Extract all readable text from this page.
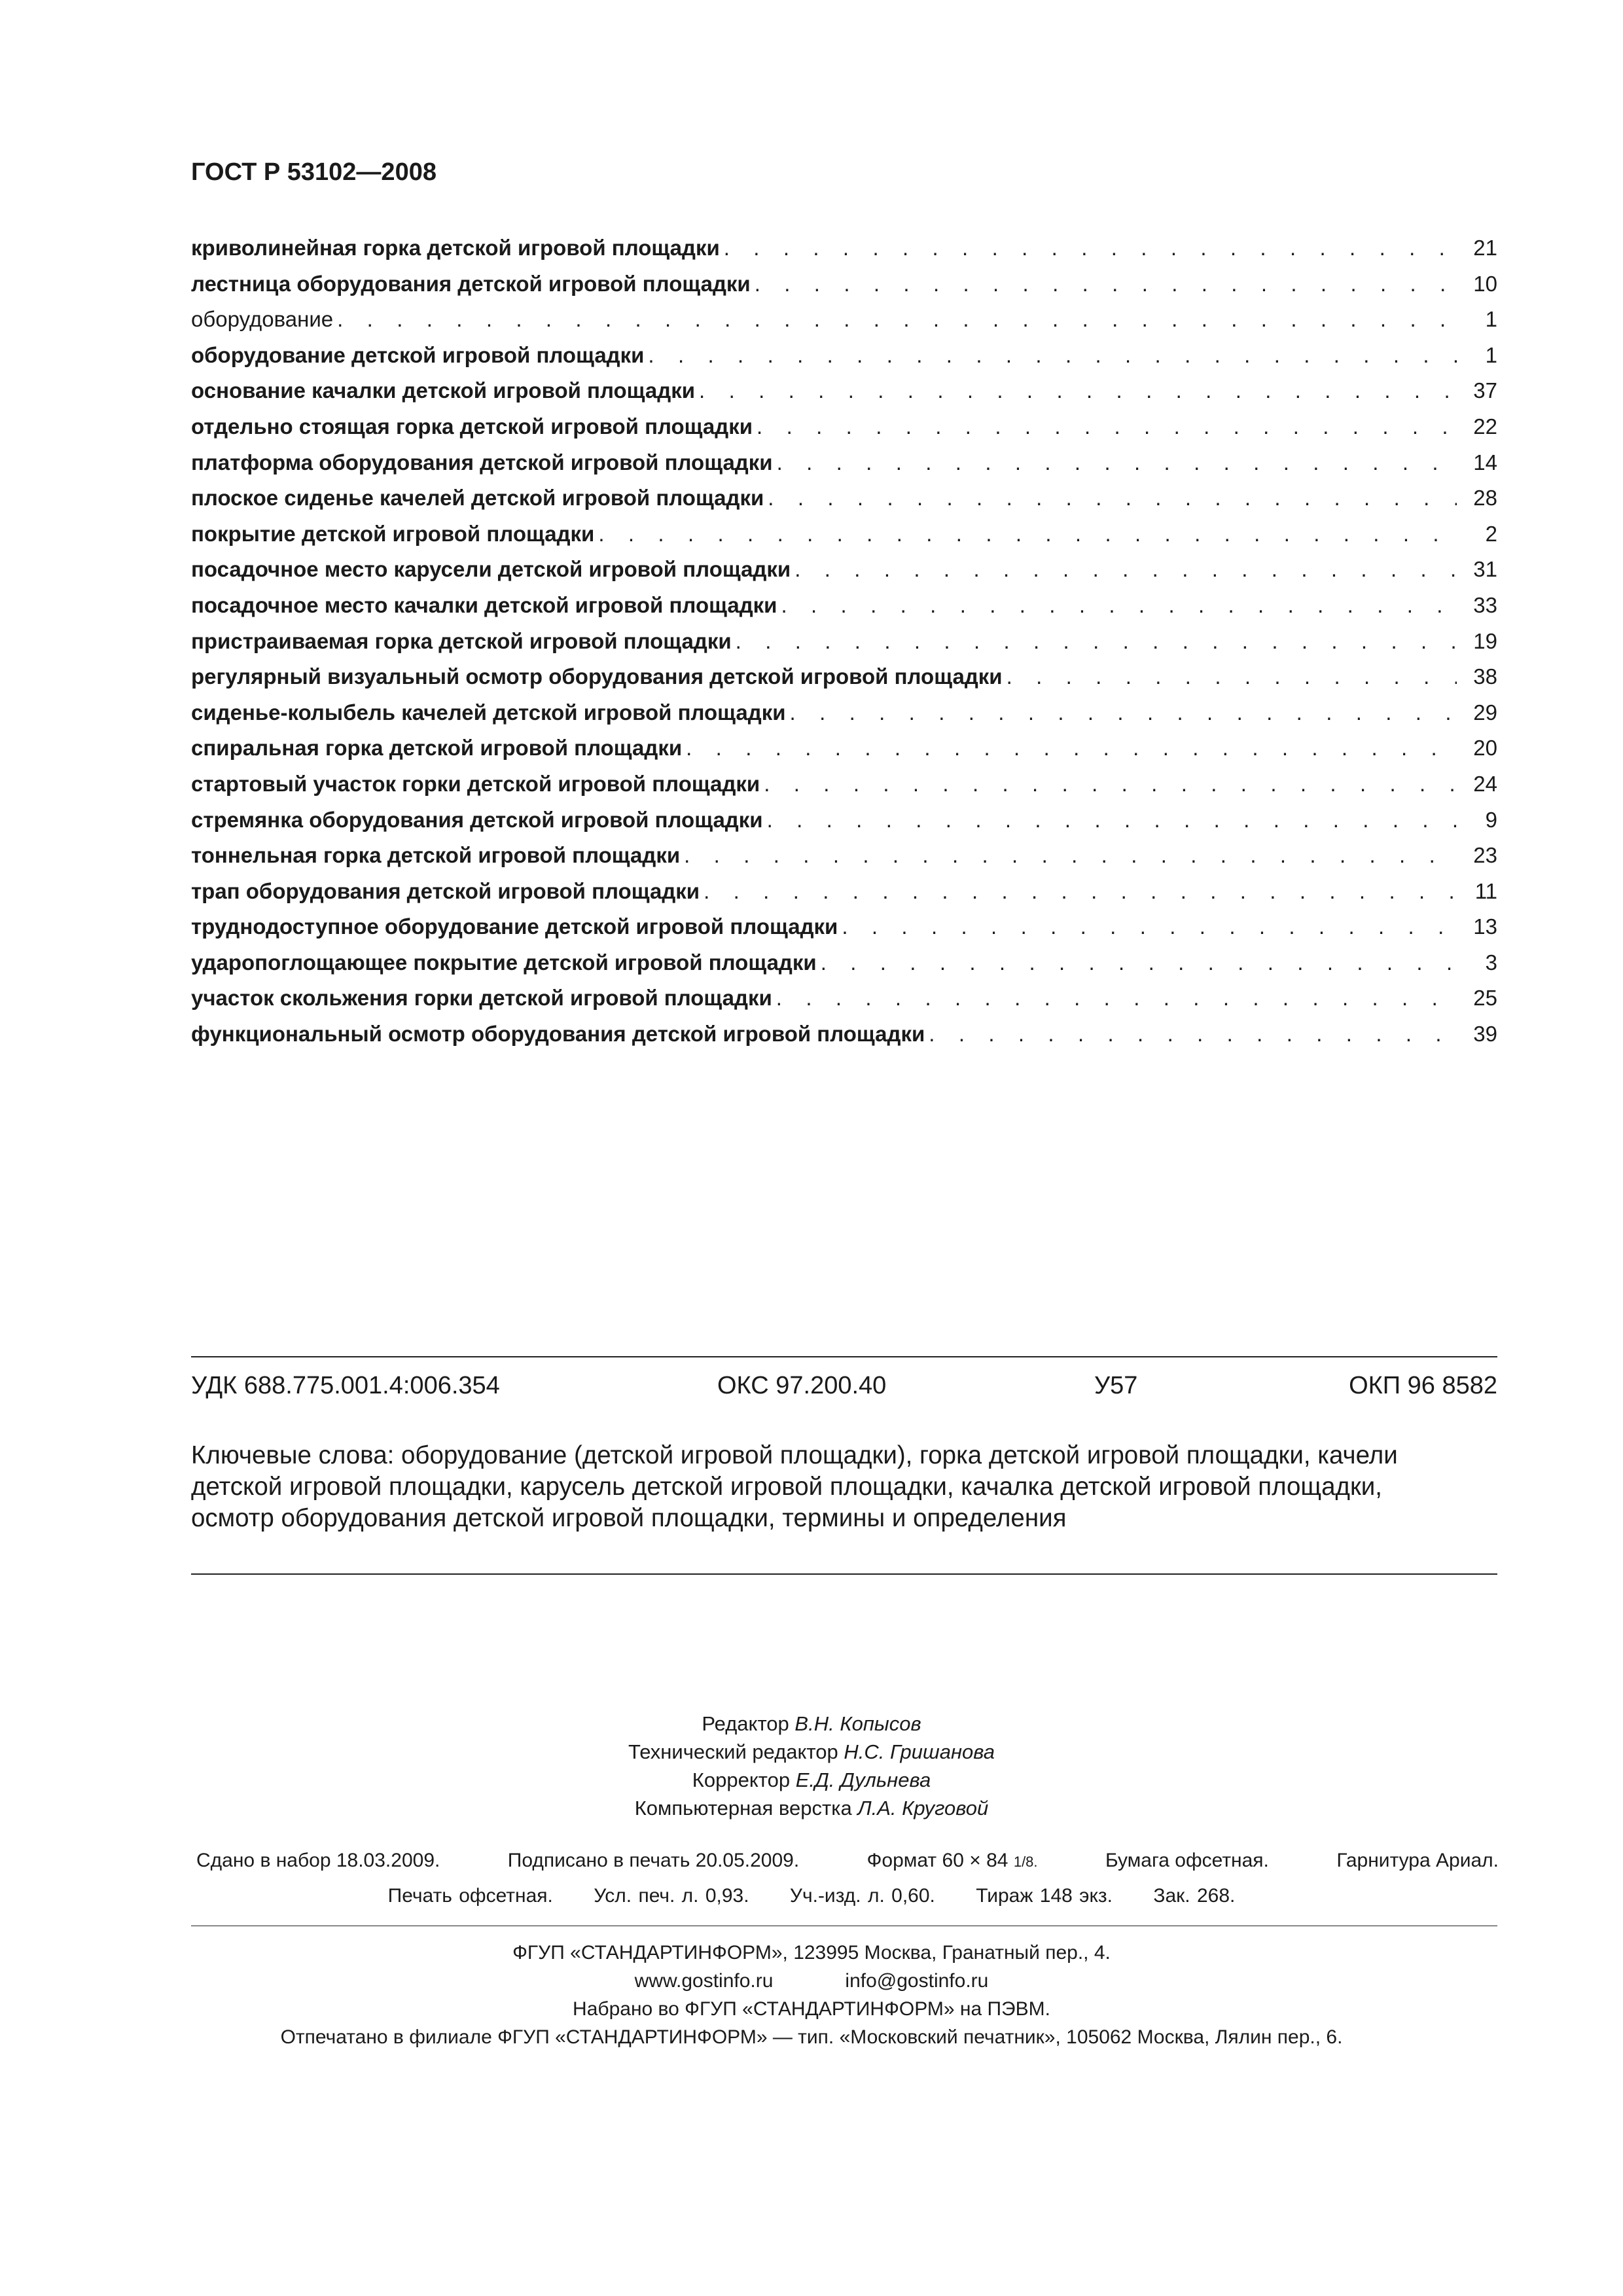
ГОСТ Р 53102—2008
криволинейная горка детской игровой площадки . . .	21
лестница оборудования детской игровой площадки . . .	10
оборудование . . .	1
оборудование детской игровой площадки . . .	1
основание качалки детской игровой площадки . . .	37
отдельно стоящая горка детской игровой площадки . . .	22
платформа оборудования детской игровой площадки . . .	14
плоское сиденье качелей детской игровой площадки . . .	28
покрытие детской игровой площадки . . .	2
посадочное место карусели детской игровой площадки . . .	31
посадочное место качалки детской игровой площадки . . .	33
пристраиваемая горка детской игровой площадки . . .	19
регулярный визуальный осмотр оборудования детской игровой площадки . . .	38
сиденье-колыбель качелей детской игровой площадки . . .	29
спиральная горка детской игровой площадки . . .	20
стартовый участок горки детской игровой площадки . . .	24
стремянка оборудования детской игровой площадки . . .	9
тоннельная горка детской игровой площадки . . .	23
трап оборудования детской игровой площадки . . .	11
труднодоступное оборудование детской игровой площадки . . .	13
ударопоглощающее покрытие детской игровой площадки . . .	3
участок скольжения горки детской игровой площадки . . .	25
функциональный осмотр оборудования детской игровой площадки . . .	39
УДК 688.775.001.4:006.354	ОКС 97.200.40	У57	ОКП 96 8582
Ключевые слова: оборудование (детской игровой площадки), горка детской игровой площадки, качели
детской игровой площадки, карусель детской игровой площадки, качалка детской игровой площадки,
осмотр оборудования детской игровой площадки, термины и определения
Редактор В.Н. Копысов
Технический редактор Н.С. Гришанова
Корректор Е.Д. Дульнева
Компьютерная верстка Л.А. Круговой
Сдано в набор 18.03.2009.	Подписано в печать 20.05.2009.	Формат 60 × 84 1/8.	Бумага офсетная.	Гарнитура Ариал.
Печать офсетная. Усл. печ. л. 0,93. Уч.-изд. л. 0,60. Тираж 148 экз. Зак. 268.
ФГУП «СТАНДАРТИНФОРМ», 123995 Москва, Гранатный пер., 4.
www.gostinfo.ru	info@gostinfo.ru
Набрано во ФГУП «СТАНДАРТИНФОРМ» на ПЭВМ.
Отпечатано в филиале ФГУП «СТАНДАРТИНФОРМ» — тип. «Московский печатник», 105062 Москва, Лялин пер., 6.
